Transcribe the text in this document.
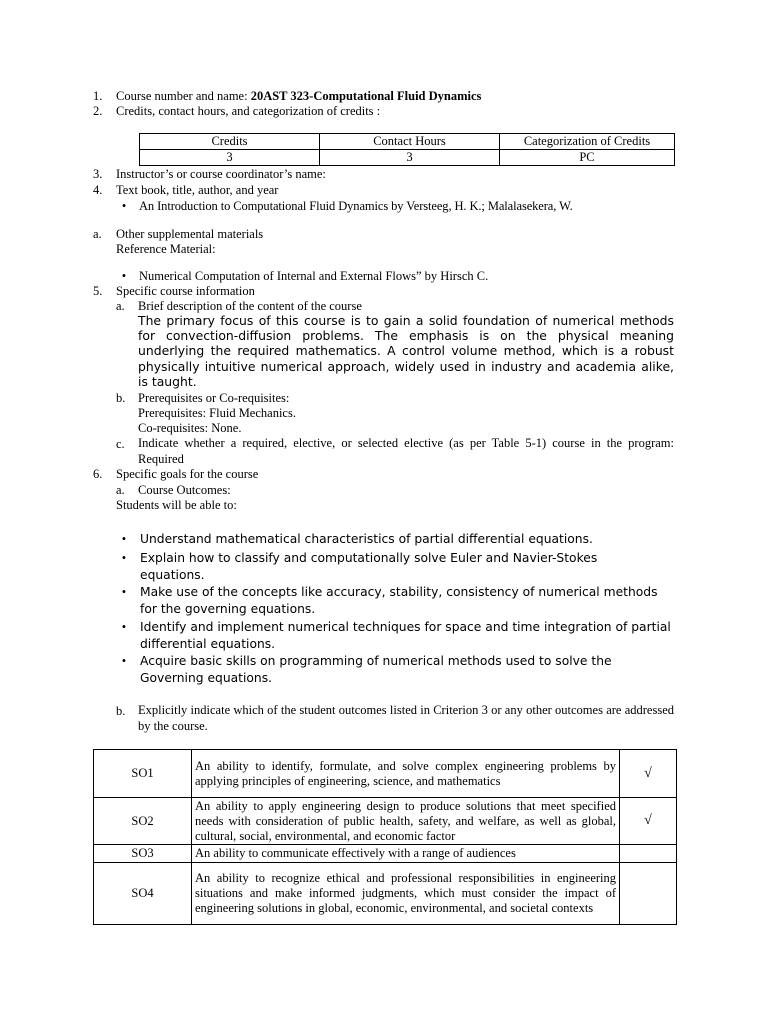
1.	Course number and name: 20AST 323-Computational Fluid Dynamics
2.	Credits, contact hours, and categorization of credits :
Credits	Contact Hours	Categorization of Credits
3	3	PC
3.	Instructor’s or course coordinator’s name:
4.	Text book, title, author, and year
•	An Introduction to Computational Fluid Dynamics by Versteeg, H. K.; Malalasekera, W.
a.	Other supplemental materials
Reference Material:
•	Numerical Computation of Internal and External Flows” by Hirsch C.
5.	Specific course information
a.	Brief description of the content of the course
The primary focus of this course is to gain a solid foundation of numerical methods for convection-diffusion problems. The emphasis is on the physical meaning underlying the required mathematics. A control volume method, which is a robust physically intuitive numerical approach, widely used in industry and academia alike, is taught.
b.	Prerequisites or Co-requisites:
Prerequisites: Fluid Mechanics.
Co-requisites: None.
c.	Indicate whether a required, elective, or selected elective (as per Table 5-1) course in the program: Required
6.	Specific goals for the course
a.	Course Outcomes:
Students will be able to:
•	Understand mathematical characteristics of partial differential equations.
•	Explain how to classify and computationally solve Euler and Navier-Stokes equations.
•	Make use of the concepts like accuracy, stability, consistency of numerical methods for the governing equations.
•	Identify and implement numerical techniques for space and time integration of partial differential equations.
•	Acquire basic skills on programming of numerical methods used to solve the Governing equations.
b.	Explicitly indicate which of the student outcomes listed in Criterion 3 or any other outcomes are addressed by the course.
SO1	An ability to identify, formulate, and solve complex engineering problems by applying principles of engineering, science, and mathematics	√
SO2	An ability to apply engineering design to produce solutions that meet specified needs with consideration of public health, safety, and welfare, as well as global, cultural, social, environmental, and economic factor	√
SO3	An ability to communicate effectively with a range of audiences	
SO4	An ability to recognize ethical and professional responsibilities in engineering situations and make informed judgments, which must consider the impact of engineering solutions in global, economic, environmental, and societal contexts	
